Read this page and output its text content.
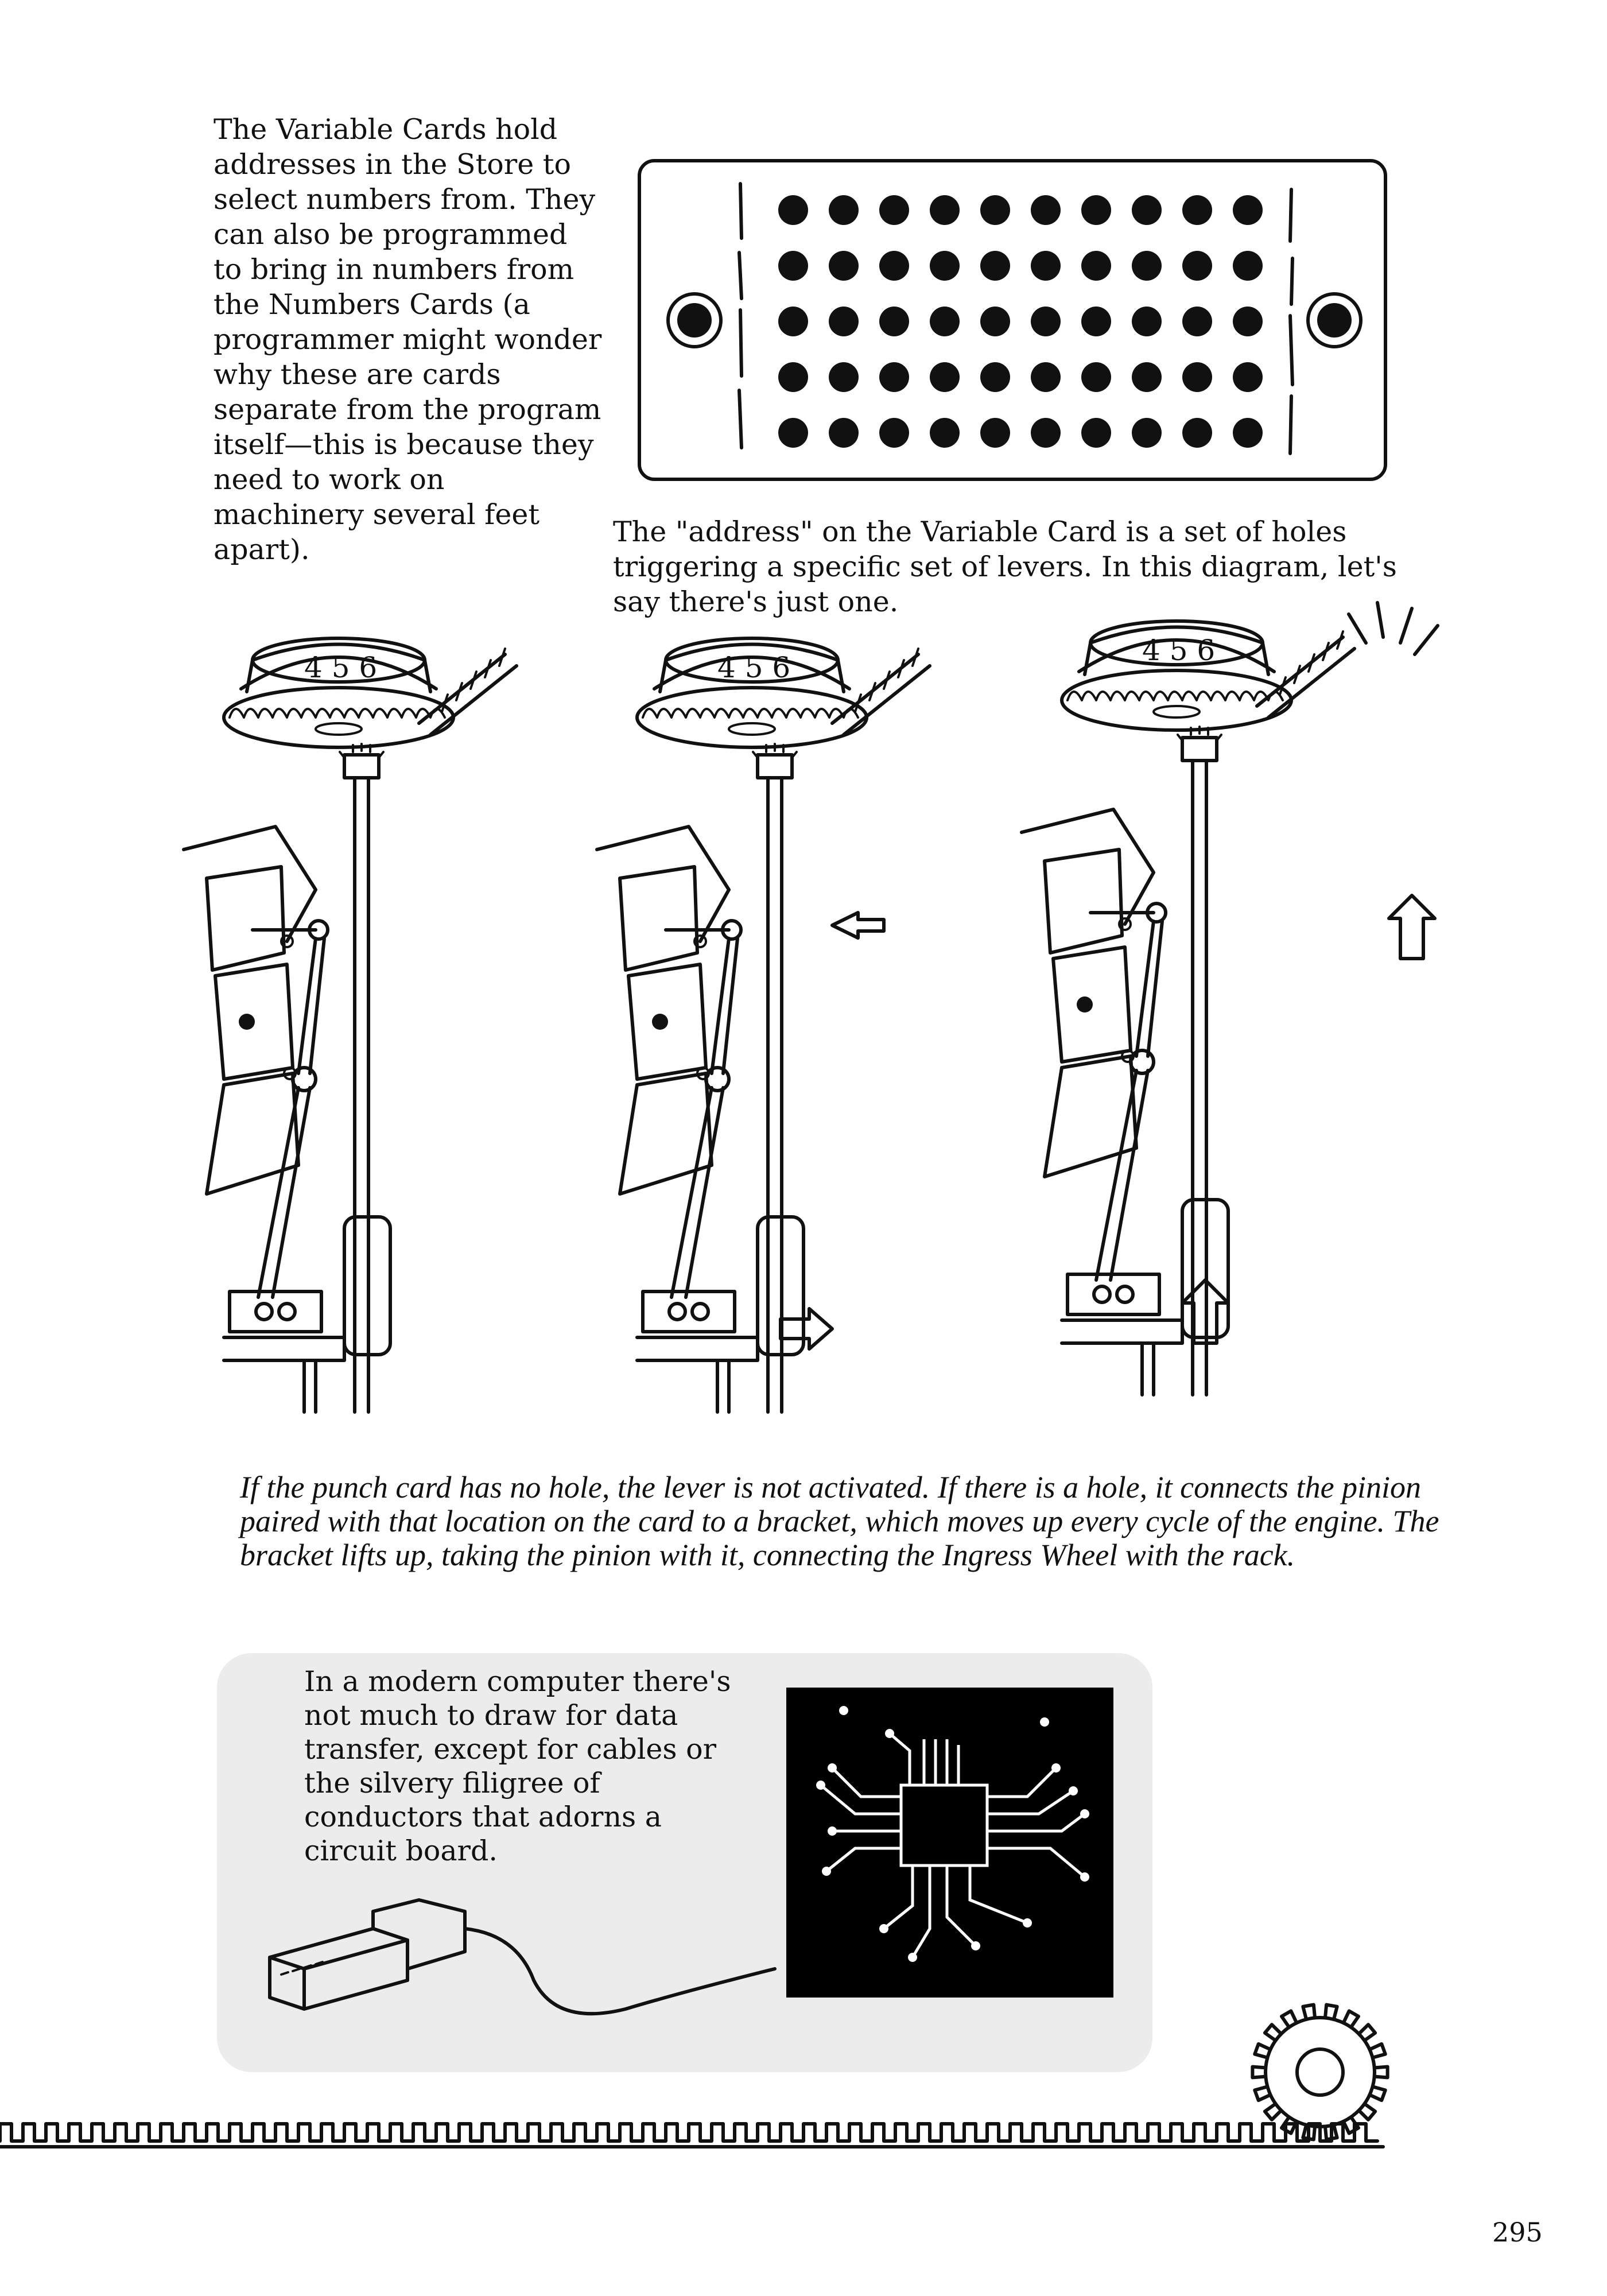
The Variable Cards hold addresses in the Store to select numbers from. They can also be programmed to bring in numbers from the Numbers Cards (a programmer might wonder why these are cards separate from the program itself—this is because they need to work on machinery several feet apart).
The "address" on the Variable Card is a set of holes triggering a specific set of levers. In this diagram, let's say there's just one.
4 5 6	4 5 6
4 5 6
If the punch card has no hole, the lever is not activated. If there is a hole, it connects the pinion paired with that location on the card to a bracket, which moves up every cycle of the engine. The bracket lifts up, taking the pinion with it, connecting the Ingress Wheel with the rack.
In a modern computer there's not much to draw for data transfer, except for cables or the silvery filigree of conductors that adorns a circuit board.
295
